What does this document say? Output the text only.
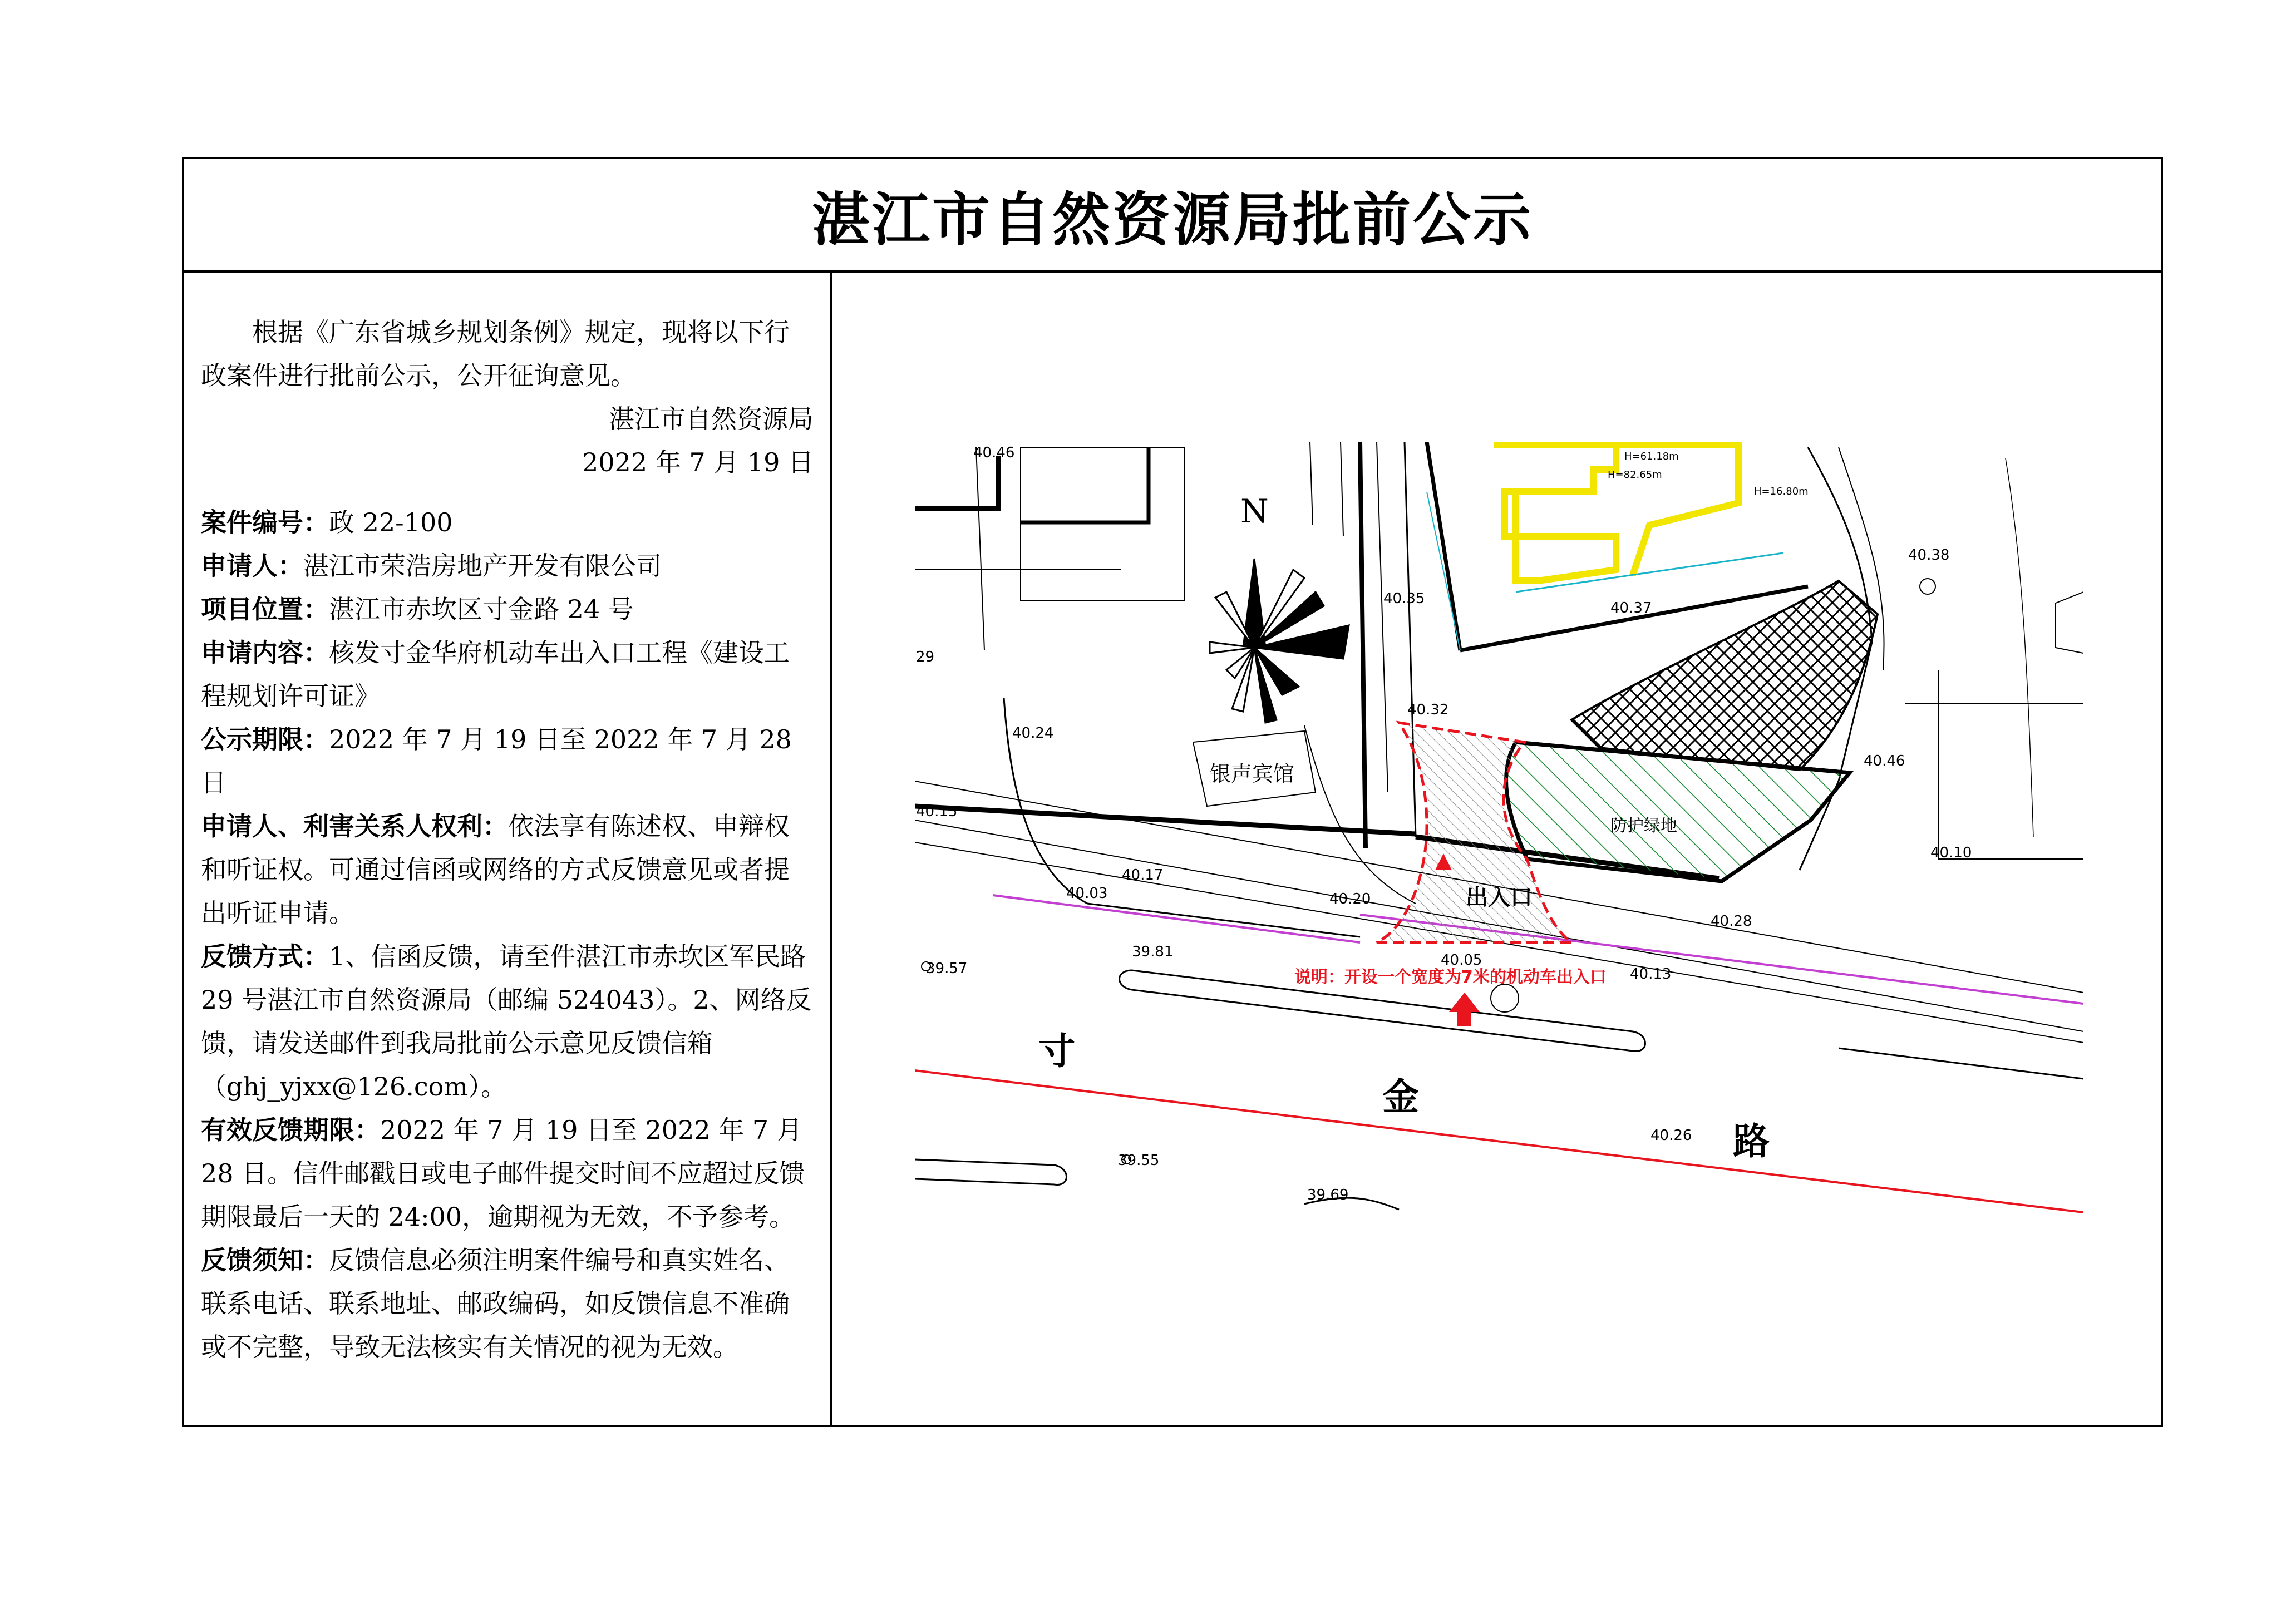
湛江市自然资源局批前公示

根据《广东省城乡规划条例》规定，现将以下行政案件进行批前公示，公开征询意见。

湛江市自然资源局

2022 年 7 月 19 日

案件编号：政 22-100

申请人：湛江市荣浩房地产开发有限公司

项目位置：湛江市赤坎区寸金路 24 号

申请内容：核发寸金华府机动车出入口工程《建设工程规划许可证》

公示期限：2022 年 7 月 19 日至 2022 年 7 月 28 日

申请人、利害关系人权利：依法享有陈述权、申辩权和听证权。可通过信函或网络的方式反馈意见或者提出听证申请。

反馈方式：1、信函反馈，请至件湛江市赤坎区军民路 29 号湛江市自然资源局（邮编 524043）。2、网络反馈，请发送邮件到我局批前公示意见反馈信箱（ghj_yjxx@126.com）。

有效反馈期限：2022 年 7 月 19 日至 2022 年 7 月 28 日。信件邮戳日或电子邮件提交时间不应超过反馈期限最后一天的 24:00，逾期视为无效，不予参考。

反馈须知：反馈信息必须注明案件编号和真实姓名、联系电话、联系地址、邮政编码，如反馈信息不准确或不完整，导致无法核实有关情况的视为无效。

N
出入口
银声宾馆
防护绿地
说明：开设一个宽度为7米的机动车出入口
寸
金
路
40.46
29
40.24
40.15
40.03
40.17
40.20
40.32
40.35
40.37
40.38
40.46
40.10
40.28
40.05
40.13
39.81
39.57
39.55
39.69
40.26
H=61.18m
H=82.65m
H=16.80m
